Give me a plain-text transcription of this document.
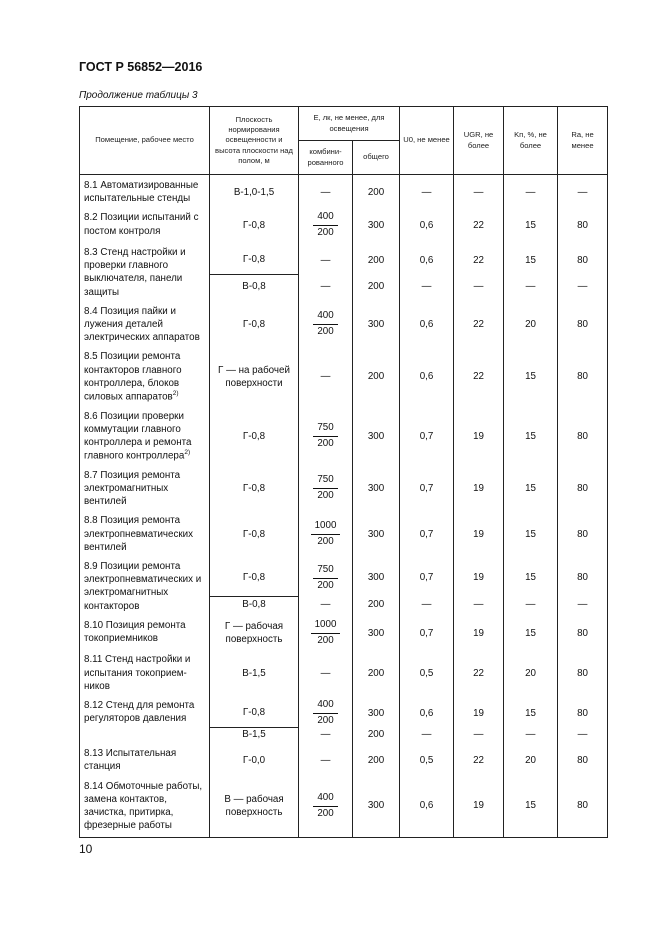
ГОСТ Р 56852—2016
Продолжение таблицы 3
Помещение, рабочее место	Плоскость нормирования освещенности и высота плоскости над полом, м	E, лк, не менее, для освещения		U0, не менее	UGR, не более	Kп, %, не более	Ra, не менее
		комбини-рованного	общего				
8.1 Автоматизированные испытательные стенды	В-1,0-1,5	—	200	—	—	—	—
8.2 Позиции испытаний с постом контроля	Г-0,8	$\frac{400}{200}$	300	0,6	22	15	80
8.3 Стенд настройки и проверки главного выключателя, панели защиты	Г-0,8	—	200	0,6	22	15	80
	В-0,8	—	200	—	—	—	—
8.4 Позиция пайки и лужения деталей электрических аппаратов	Г-0,8	$\frac{400}{200}$	300	0,6	22	20	80
8.5 Позиции ремонта контакторов главного контроллера, блоков силовых аппаратов$^{2)}$	Г — на рабочей поверхности	—	200	0,6	22	15	80
8.6 Позиции проверки коммутации главного контроллера и ремонта главного контроллера$^{2)}$	Г-0,8	$\frac{750}{200}$	300	0,7	19	15	80
8.7 Позиция ремонта электромагнитных вентилей	Г-0,8	$\frac{750}{200}$	300	0,7	19	15	80
8.8 Позиция ремонта электропневматических вентилей	Г-0,8	$\frac{1000}{200}$	300	0,7	19	15	80
8.9 Позиции ремонта электропневматических и электромагнитных контакторов	Г-0,8	$\frac{750}{200}$	300	0,7	19	15	80
	В-0,8	—	200	—	—	—	—
8.10 Позиция ремонта токоприемников	Г — рабочая поверхность	$\frac{1000}{200}$	300	0,7	19	15	80
8.11 Стенд настройки и испытания токоприем-ников	В-1,5	—	200	0,5	22	20	80
8.12 Стенд для ремонта регуляторов давления	Г-0,8	$\frac{400}{200}$	300	0,6	19	15	80
	В-1,5	—	200	—	—	—	—
8.13 Испытательная станция	Г-0,0	—	200	0,5	22	20	80
8.14 Обмоточные работы, замена контактов, зачистка, притирка, фрезерные работы	В — рабочая поверхность	$\frac{400}{200}$	300	0,6	19	15	80
10
